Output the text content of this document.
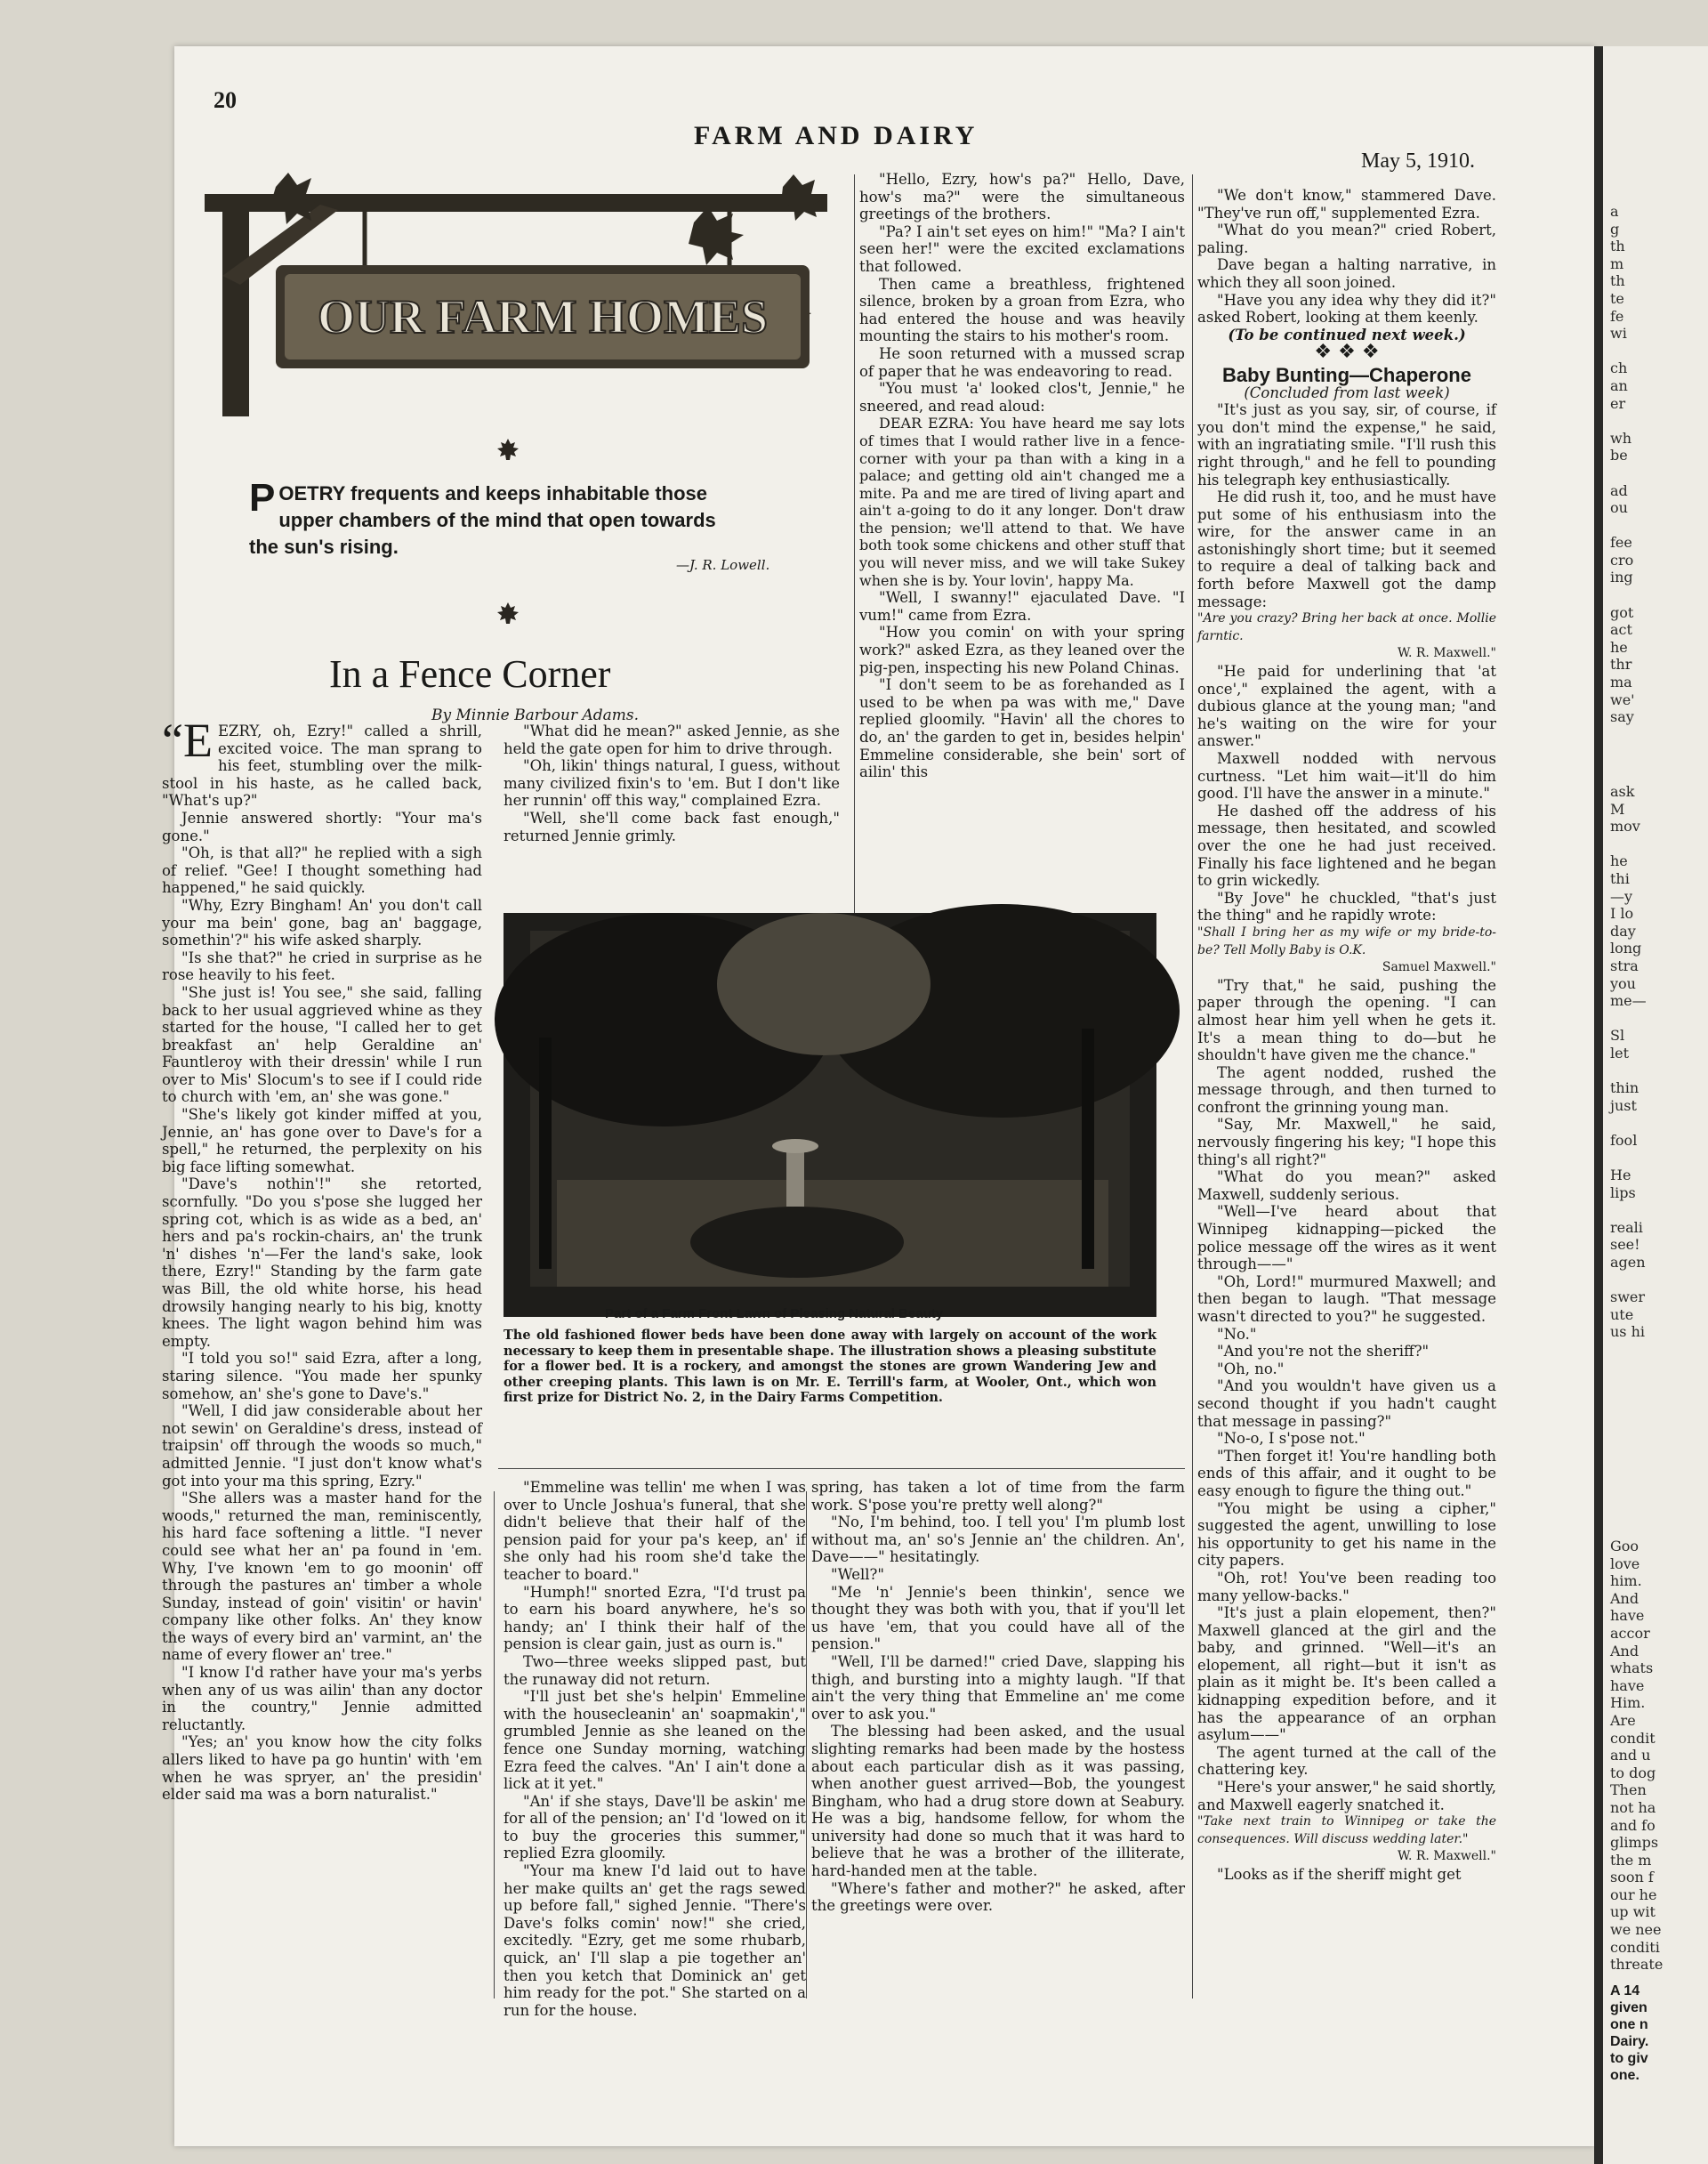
20
FARM AND DAIRY
May 5, 1910.
OUR FARM HOMES
P OETRY frequents and keeps inhabitable those upper chambers of the mind that open towards the sun's rising.
—J. R. Lowell.
In a Fence Corner
By Minnie Barbour Adams.

“EEZRY, oh, Ezry!" called a shrill, excited voice. The man sprang to his feet, stumbling over the milk-stool in his haste, as he called back, "What's up?"

Jennie answered shortly: "Your ma's gone."

"Oh, is that all?" he replied with a sigh of relief. "Gee! I thought something had happened," he said quickly.

"Why, Ezry Bingham! An' you don't call your ma bein' gone, bag an' baggage, somethin'?" his wife asked sharply.

"Is she that?" he cried in surprise as he rose heavily to his feet.

"She just is! You see," she said, falling back to her usual aggrieved whine as they started for the house, "I called her to get breakfast an' help Geraldine an' Fauntleroy with their dressin' while I run over to Mis' Slocum's to see if I could ride to church with 'em, an' she was gone."

"She's likely got kinder miffed at you, Jennie, an' has gone over to Dave's for a spell," he returned, the perplexity on his big face lifting somewhat.

"Dave's nothin'!" she retorted, scornfully. "Do you s'pose she lugged her spring cot, which is as wide as a bed, an' hers and pa's rockin-chairs, an' the trunk 'n' dishes 'n'—Fer the land's sake, look there, Ezry!" Standing by the farm gate was Bill, the old white horse, his head drowsily hanging nearly to his big, knotty knees. The light wagon behind him was empty.

"I told you so!" said Ezra, after a long, staring silence. "You made her spunky somehow, an' she's gone to Dave's."

"Well, I did jaw considerable about her not sewin' on Geraldine's dress, instead of traipsin' off through the woods so much," admitted Jennie. "I just don't know what's got into your ma this spring, Ezry."

"She allers was a master hand for the woods," returned the man, reminiscently, his hard face softening a little. "I never could see what her an' pa found in 'em. Why, I've known 'em to go moonin' off through the pastures an' timber a whole Sunday, instead of goin' visitin' or havin' company like other folks. An' they know the ways of every bird an' varmint, an' the name of every flower an' tree."

"I know I'd rather have your ma's yerbs when any of us was ailin' than any doctor in the country," Jennie admitted reluctantly.

"Yes; an' you know how the city folks allers liked to have pa go huntin' with 'em when he was spryer, an' the presidin' elder said ma was a born naturalist."

"What did he mean?" asked Jennie, as she held the gate open for him to drive through.

"Oh, likin' things natural, I guess, without many civilized fixin's to 'em. But I don't like her runnin' off this way," complained Ezra.

"Well, she'll come back fast enough," returned Jennie grimly.

"Hello, Ezry, how's pa?" Hello, Dave, how's ma?" were the simultaneous greetings of the brothers.

"Pa? I ain't set eyes on him!" "Ma? I ain't seen her!" were the excited exclamations that followed.

Then came a breathless, frightened silence, broken by a groan from Ezra, who had entered the house and was heavily mounting the stairs to his mother's room.

He soon returned with a mussed scrap of paper that he was endeavoring to read.

"You must 'a' looked clos't, Jennie," he sneered, and read aloud:

DEAR EZRA: You have heard me say lots of times that I would rather live in a fence-corner with your pa than with a king in a palace; and getting old ain't changed me a mite. Pa and me are tired of living apart and ain't a-going to do it any longer. Don't draw the pension; we'll attend to that. We have both took some chickens and other stuff that you will never miss, and we will take Sukey when she is by. Your lovin', happy Ma.

"Well, I swanny!" ejaculated Dave. "I vum!" came from Ezra.

"How you comin' on with your spring work?" asked Ezra, as they leaned over the pig-pen, inspecting his new Poland Chinas.

"I don't seem to be as forehanded as I used to be when pa was with me," Dave replied gloomily. "Havin' all the chores to do, an' the garden to get in, besides helpin' Emmeline considerable, she bein' sort of ailin' this

Part of a Farm Front Lawn of Pleasing Natural Beauty
The old fashioned flower beds have been done away with largely on account of the work necessary to keep them in presentable shape. The illustration shows a pleasing substitute for a flower bed. It is a rockery, and amongst the stones are grown Wandering Jew and other creeping plants. This lawn is on Mr. E. Terrill's farm, at Wooler, Ont., which won first prize for District No. 2, in the Dairy Farms Competition.

"Emmeline was tellin' me when I was over to Uncle Joshua's funeral, that she didn't believe that their half of the pension paid for your pa's keep, an' if she only had his room she'd take the teacher to board."

"Humph!" snorted Ezra, "I'd trust pa to earn his board anywhere, he's so handy; an' I think their half of the pension is clear gain, just as ourn is."

Two—three weeks slipped past, but the runaway did not return.

"I'll just bet she's helpin' Emmeline with the housecleanin' an' soapmakin'," grumbled Jennie as she leaned on the fence one Sunday morning, watching Ezra feed the calves. "An' I ain't done a lick at it yet."

"An' if she stays, Dave'll be askin' me for all of the pension; an' I'd 'lowed on it to buy the groceries this summer," replied Ezra gloomily.

"Your ma knew I'd laid out to have her make quilts an' get the rags sewed up before fall," sighed Jennie. "There's Dave's folks comin' now!" she cried, excitedly. "Ezry, get me some rhubarb, quick, an' I'll slap a pie together an' then you ketch that Dominick an' get him ready for the pot." She started on a run for the house.

spring, has taken a lot of time from the farm work. S'pose you're pretty well along?"

"No, I'm behind, too. I tell you' I'm plumb lost without ma, an' so's Jennie an' the children. An', Dave——" hesitatingly.

"Well?"

"Me 'n' Jennie's been thinkin', sence we thought they was both with you, that if you'll let us have 'em, that you could have all of the pension."

"Well, I'll be darned!" cried Dave, slapping his thigh, and bursting into a mighty laugh. "If that ain't the very thing that Emmeline an' me come over to ask you."

The blessing had been asked, and the usual slighting remarks had been made by the hostess about each particular dish as it was passing, when another guest arrived—Bob, the youngest Bingham, who had a drug store down at Seabury. He was a big, handsome fellow, for whom the university had done so much that it was hard to believe that he was a brother of the illiterate, hard-handed men at the table.

"Where's father and mother?" he asked, after the greetings were over.

"We don't know," stammered Dave. "They've run off," supplemented Ezra.

"What do you mean?" cried Robert, paling.

Dave began a halting narrative, in which they all soon joined.

"Have you any idea why they did it?" asked Robert, looking at them keenly.

(To be continued next week.)

❖ ❖ ❖

Baby Bunting—Chaperone

(Concluded from last week)

"It's just as you say, sir, of course, if you don't mind the expense," he said, with an ingratiating smile. "I'll rush this right through," and he fell to pounding his telegraph key enthusiastically.

He did rush it, too, and he must have put some of his enthusiasm into the wire, for the answer came in an astonishingly short time; but it seemed to require a deal of talking back and forth before Maxwell got the damp message:

"Are you crazy? Bring her back at once. Mollie farntic.

W. R. Maxwell."

"He paid for underlining that 'at once'," explained the agent, with a dubious glance at the young man; "and he's waiting on the wire for your answer."

Maxwell nodded with nervous curtness. "Let him wait—it'll do him good. I'll have the answer in a minute."

He dashed off the address of his message, then hesitated, and scowled over the one he had just received. Finally his face lightened and he began to grin wickedly.

"By Jove" he chuckled, "that's just the thing" and he rapidly wrote:

"Shall I bring her as my wife or my bride-to-be? Tell Molly Baby is O.K.

Samuel Maxwell."

"Try that," he said, pushing the paper through the opening. "I can almost hear him yell when he gets it. It's a mean thing to do—but he shouldn't have given me the chance."

The agent nodded, rushed the message through, and then turned to confront the grinning young man.

"Say, Mr. Maxwell," he said, nervously fingering his key; "I hope this thing's all right?"

"What do you mean?" asked Maxwell, suddenly serious.

"Well—I've heard about that Winnipeg kidnapping—picked the police message off the wires as it went through——"

"Oh, Lord!" murmured Maxwell; and then began to laugh. "That message wasn't directed to you?" he suggested.

"No."

"And you're not the sheriff?"

"Oh, no."

"And you wouldn't have given us a second thought if you hadn't caught that message in passing?"

"No-o, I s'pose not."

"Then forget it! You're handling both ends of this affair, and it ought to be easy enough to figure the thing out."

"You might be using a cipher," suggested the agent, unwilling to lose his opportunity to get his name in the city papers.

"Oh, rot! You've been reading too many yellow-backs."

"It's just a plain elopement, then?" Maxwell glanced at the girl and the baby, and grinned. "Well—it's an elopement, all right—but it isn't as plain as it might be. It's been called a kidnapping expedition before, and it has the appearance of an orphan asylum——"

The agent turned at the call of the chattering key.

"Here's your answer," he said shortly, and Maxwell eagerly snatched it.

"Take next train to Winnipeg or take the consequences. Will discuss wedding later."

W. R. Maxwell."

"Looks as if the sheriff might get

a
g
th
m
th
te
fe
wi

ch
an
er

wh
be

ad
ou

fee
cro
ing

got
act
he
thr
ma
we'
say
ask
M
mov

he
thi
—y
I lo
day
long
stra
you
me—

Sl
let

thin
just

fool

He
lips

reali
see!
agen

swer
ute
us hi
Goo
love
him.
And
have
accor
And
whats
have
Him.
Are
condit
and u
to dog
Then
not ha
and fo
glimps
the m
soon f
our he
up wit
we nee
conditi
threate
A 14
given
one n
Dairy.
to giv
one.
